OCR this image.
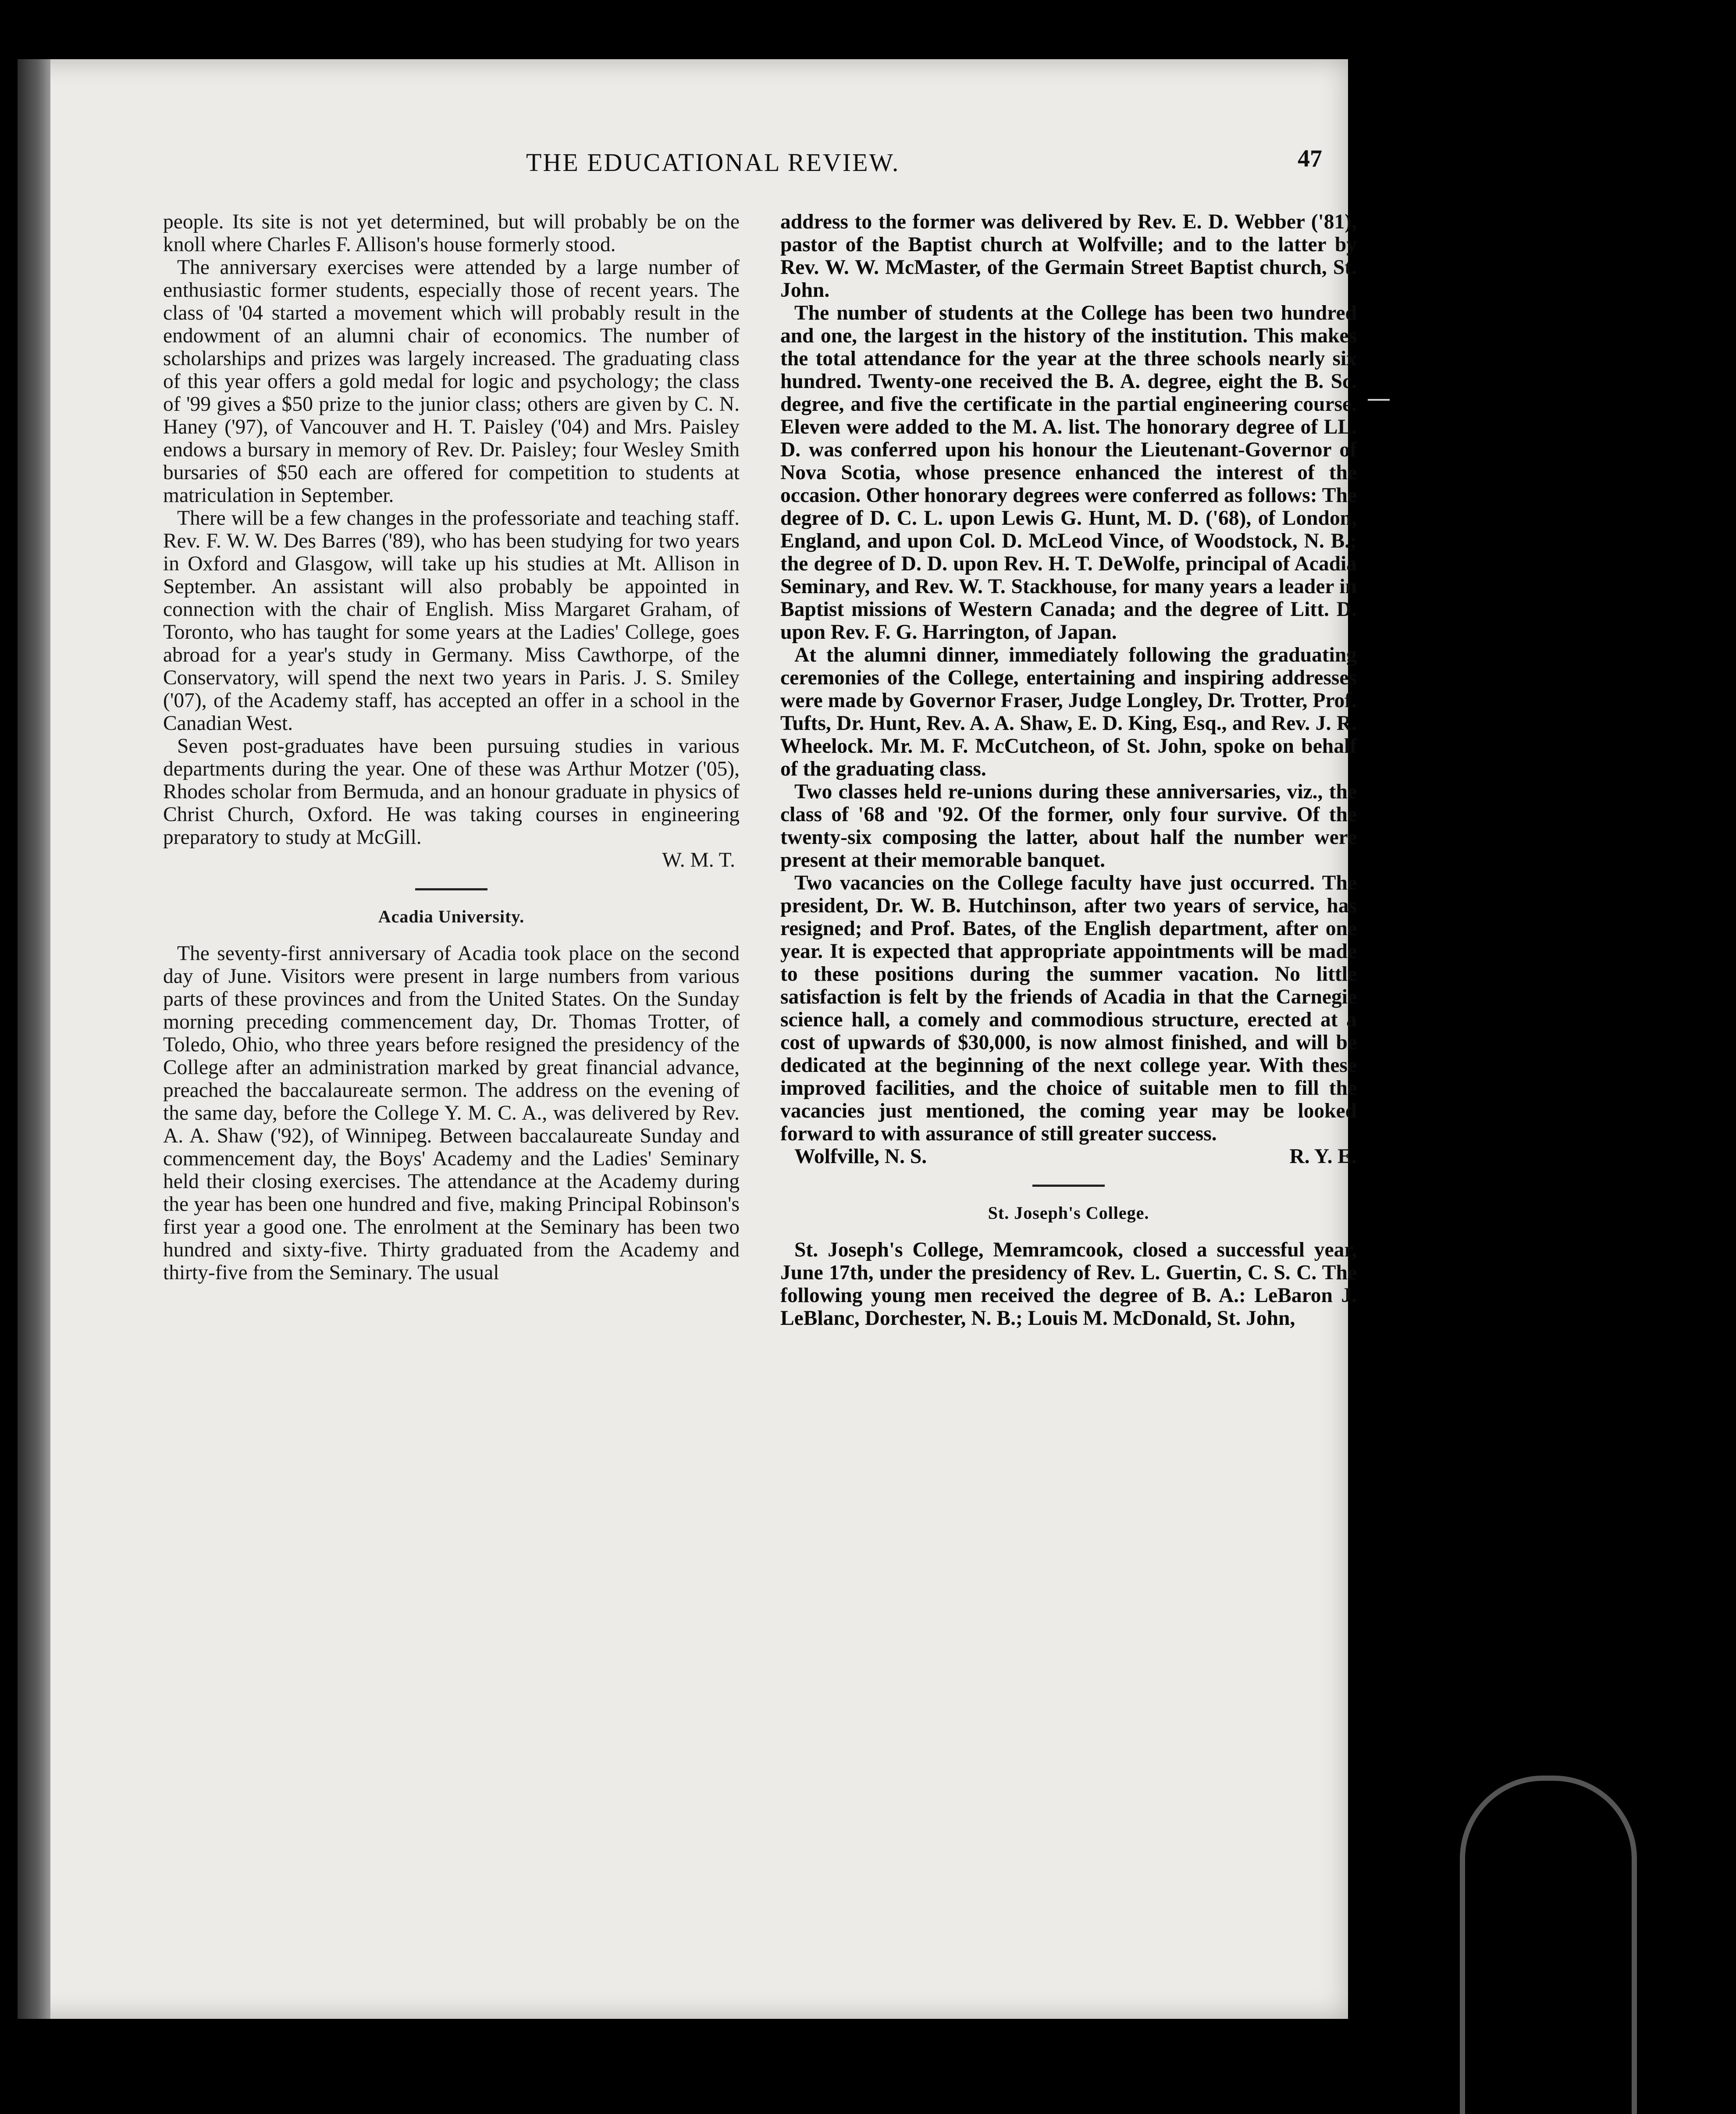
THE EDUCATIONAL REVIEW.	47

people. Its site is not yet determined, but will probably be on the knoll where Charles F. Allison's house formerly stood.

The anniversary exercises were attended by a large number of enthusiastic former students, especially those of recent years. The class of '04 started a movement which will probably result in the endowment of an alumni chair of economics. The number of scholarships and prizes was largely increased. The graduating class of this year offers a gold medal for logic and psychology; the class of '99 gives a $50 prize to the junior class; others are given by C. N. Haney ('97), of Vancouver and H. T. Paisley ('04) and Mrs. Paisley endows a bursary in memory of Rev. Dr. Paisley; four Wesley Smith bursaries of $50 each are offered for competition to students at matriculation in September.

There will be a few changes in the professoriate and teaching staff. Rev. F. W. W. Des Barres ('89), who has been studying for two years in Oxford and Glasgow, will take up his studies at Mt. Allison in September. An assistant will also probably be appointed in connection with the chair of English. Miss Margaret Graham, of Toronto, who has taught for some years at the Ladies' College, goes abroad for a year's study in Germany. Miss Cawthorpe, of the Conservatory, will spend the next two years in Paris. J. S. Smiley ('07), of the Academy staff, has accepted an offer in a school in the Canadian West.

Seven post-graduates have been pursuing studies in various departments during the year. One of these was Arthur Motzer ('05), Rhodes scholar from Bermuda, and an honour graduate in physics of Christ Church, Oxford. He was taking courses in engineering preparatory to study at McGill.

W. M. T.

Acadia University.

The seventy-first anniversary of Acadia took place on the second day of June. Visitors were present in large numbers from various parts of these provinces and from the United States. On the Sunday morning preceding commencement day, Dr. Thomas Trotter, of Toledo, Ohio, who three years before resigned the presidency of the College after an administration marked by great financial advance, preached the baccalaureate sermon. The address on the evening of the same day, before the College Y. M. C. A., was delivered by Rev. A. A. Shaw ('92), of Winnipeg. Between baccalaureate Sunday and commencement day, the Boys' Academy and the Ladies' Seminary held their closing exercises. The attendance at the Academy during the year has been one hundred and five, making Principal Robinson's first year a good one. The enrolment at the Seminary has been two hundred and sixty-five. Thirty graduated from the Academy and thirty-five from the Seminary. The usual

address to the former was delivered by Rev. E. D. Webber ('81), pastor of the Baptist church at Wolfville; and to the latter by Rev. W. W. McMaster, of the Germain Street Baptist church, St. John.

The number of students at the College has been two hundred and one, the largest in the history of the institution. This makes the total attendance for the year at the three schools nearly six hundred. Twenty-one received the B. A. degree, eight the B. Sc. degree, and five the certificate in the partial engineering course. Eleven were added to the M. A. list. The honorary degree of LL. D. was conferred upon his honour the Lieutenant-Governor of Nova Scotia, whose presence enhanced the interest of the occasion. Other honorary degrees were conferred as follows: The degree of D. C. L. upon Lewis G. Hunt, M. D. ('68), of London, England, and upon Col. D. McLeod Vince, of Woodstock, N. B.; the degree of D. D. upon Rev. H. T. DeWolfe, principal of Acadia Seminary, and Rev. W. T. Stackhouse, for many years a leader in Baptist missions of Western Canada; and the degree of Litt. D. upon Rev. F. G. Harrington, of Japan.

At the alumni dinner, immediately following the graduating ceremonies of the College, entertaining and inspiring addresses were made by Governor Fraser, Judge Longley, Dr. Trotter, Prof. Tufts, Dr. Hunt, Rev. A. A. Shaw, E. D. King, Esq., and Rev. J. R. Wheelock. Mr. M. F. McCutcheon, of St. John, spoke on behalf of the graduating class.

Two classes held re-unions during these anniversaries, viz., the class of '68 and '92. Of the former, only four survive. Of the twenty-six composing the latter, about half the number were present at their memorable banquet.

Two vacancies on the College faculty have just occurred. The president, Dr. W. B. Hutchinson, after two years of service, has resigned; and Prof. Bates, of the English department, after one year. It is expected that appropriate appointments will be made to these positions during the summer vacation. No little satisfaction is felt by the friends of Acadia in that the Carnegie science hall, a comely and commodious structure, erected at a cost of upwards of $30,000, is now almost finished, and will be dedicated at the beginning of the next college year. With these improved facilities, and the choice of suitable men to fill the vacancies just mentioned, the coming year may be looked forward to with assurance of still greater success.

Wolfville, N. S.	R. Y. E.
St. Joseph's College.

St. Joseph's College, Memramcook, closed a successful year, June 17th, under the presidency of Rev. L. Guertin, C. S. C. The following young men received the degree of B. A.: LeBaron J. LeBlanc, Dorchester, N. B.; Louis M. McDonald, St. John,
